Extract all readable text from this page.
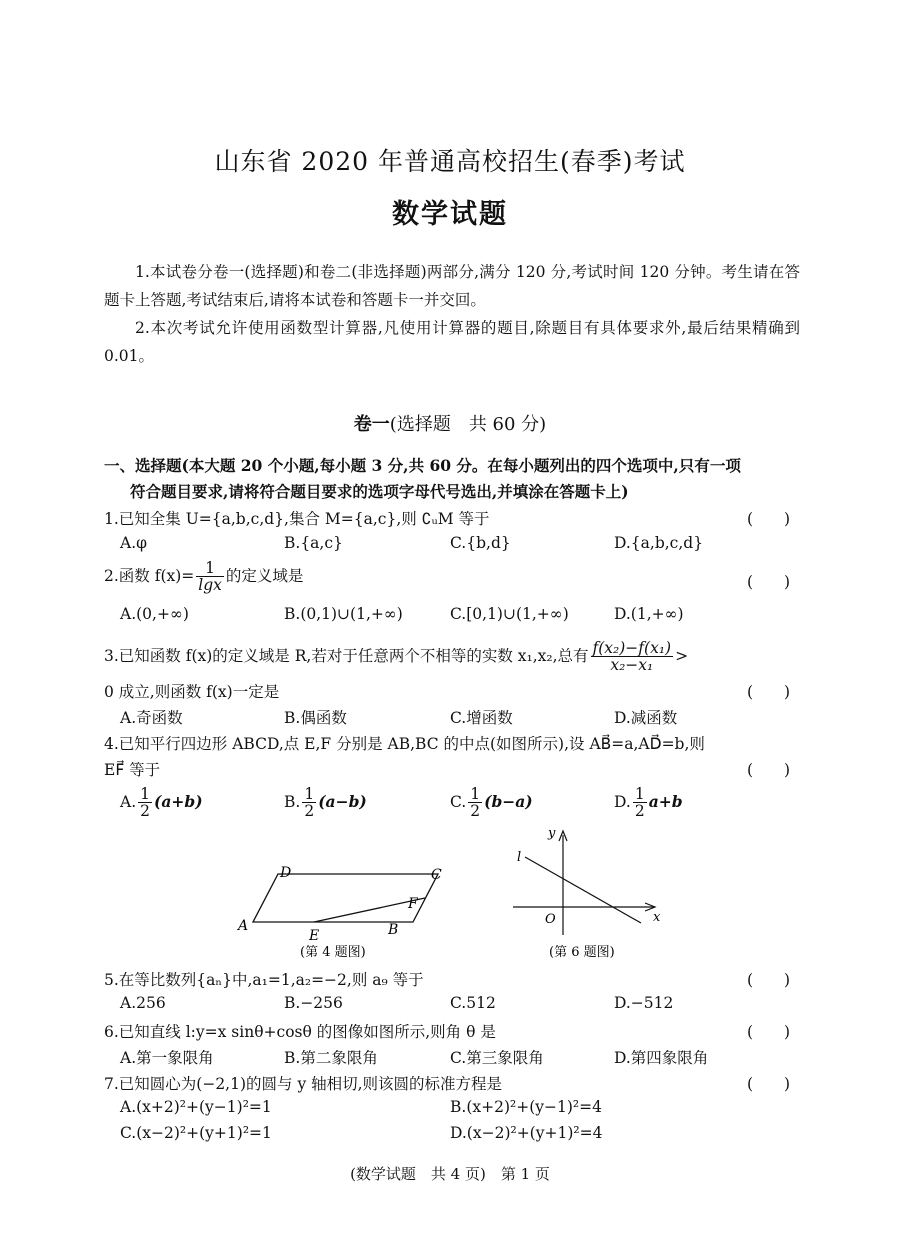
山东省 2020 年普通高校招生(春季)考试
数学试题
1.本试卷分卷一(选择题)和卷二(非选择题)两部分,满分 120 分,考试时间 120 分钟。考生请在答题卡上答题,考试结束后,请将本试卷和答题卡一并交回。
2.本次考试允许使用函数型计算器,凡使用计算器的题目,除题目有具体要求外,最后结果精确到 0.01。
卷一(选择题　共 60 分)
一、选择题(本大题 20 个小题,每小题 3 分,共 60 分。在每小题列出的四个选项中,只有一项
符合题目要求,请将符合题目要求的选项字母代号选出,并填涂在答题卡上)
1.已知全集 U={a,b,c,d},集合 M={a,c},则 ∁ᵤM 等于	(　　)
A.φ	B.{a,c}	C.{b,d}	D.{a,b,c,d}
2.函数 $f(x)= \frac{1}{\lg x}$ 的定义域是	(　　)
A.(0,+∞)	B.(0,1)∪(1,+∞)	C.[0,1)∪(1,+∞)	D.(1,+∞)
3.已知函数 f(x)的定义域是 R,若对于任意两个不相等的实数 x₁,x₂,总有 $\frac{\text{f(x₂)−f(x₁)}}{\text{x₂−x₁}}$ >
0 成立,则函数 f(x)一定是	(　　)
A.奇函数	B.偶函数	C.增函数	D.减函数
4.已知平行四边形 ABCD,点 E,F 分别是 AB,BC 的中点(如图所示),设 AB⃗=a,AD⃗=b,则
EF⃗ 等于	(　　)
A. $\frac{1}{2} (a+b)$	B. $\frac{1}{2} (a-b)$	C. $\frac{1}{2} (b-a)$	D. $\frac{1}{2} a+b$
D	C
A
E	B
F
(第 4 题图)
y
l
O	x
(第 6 题图)
5.在等比数列{aₙ}中,a₁=1,a₂=−2,则 a₉ 等于	(　　)
A.256	B.−256	C.512	D.−512
6.已知直线 l:y=x sinθ+cosθ 的图像如图所示,则角 θ 是	(　　)
A.第一象限角	B.第二象限角	C.第三象限角	D.第四象限角
7.已知圆心为(−2,1)的圆与 y 轴相切,则该圆的标准方程是	(　　)
A.(x+2)²+(y−1)²=1	B.(x+2)²+(y−1)²=4
C.(x−2)²+(y+1)²=1	D.(x−2)²+(y+1)²=4
(数学试题　共 4 页)　第 1 页
